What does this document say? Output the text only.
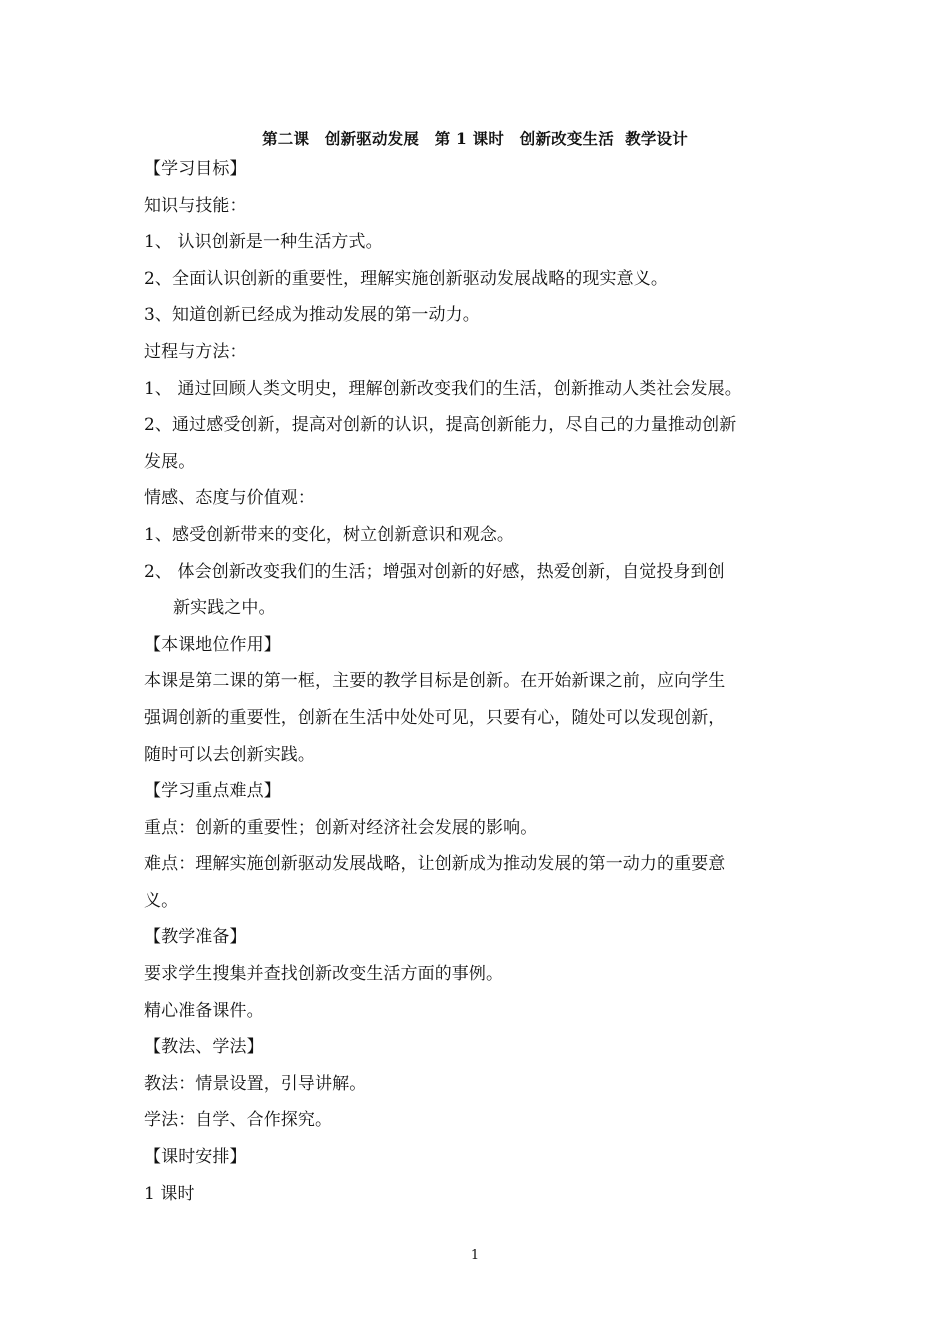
第二课　创新驱动发展　第 1 课时　创新改变生活  教学设计
【学习目标】
知识与技能：
1、 认识创新是一种生活方式。
2、全面认识创新的重要性，理解实施创新驱动发展战略的现实意义。
3、知道创新已经成为推动发展的第一动力。
过程与方法：
1、 通过回顾人类文明史，理解创新改变我们的生活，创新推动人类社会发展。
2、通过感受创新，提高对创新的认识，提高创新能力，尽自己的力量推动创新
发展。
情感、态度与价值观：
1、感受创新带来的变化，树立创新意识和观念。
2、 体会创新改变我们的生活；增强对创新的好感，热爱创新，自觉投身到创
新实践之中。
【本课地位作用】
本课是第二课的第一框，主要的教学目标是创新。在开始新课之前，应向学生
强调创新的重要性，创新在生活中处处可见，只要有心，随处可以发现创新，
随时可以去创新实践。
【学习重点难点】
重点：创新的重要性；创新对经济社会发展的影响。
难点：理解实施创新驱动发展战略，让创新成为推动发展的第一动力的重要意
义。
【教学准备】
要求学生搜集并查找创新改变生活方面的事例。
精心准备课件。
【教法、学法】
教法：情景设置，引导讲解。
学法：自学、合作探究。
【课时安排】
1 课时
1
